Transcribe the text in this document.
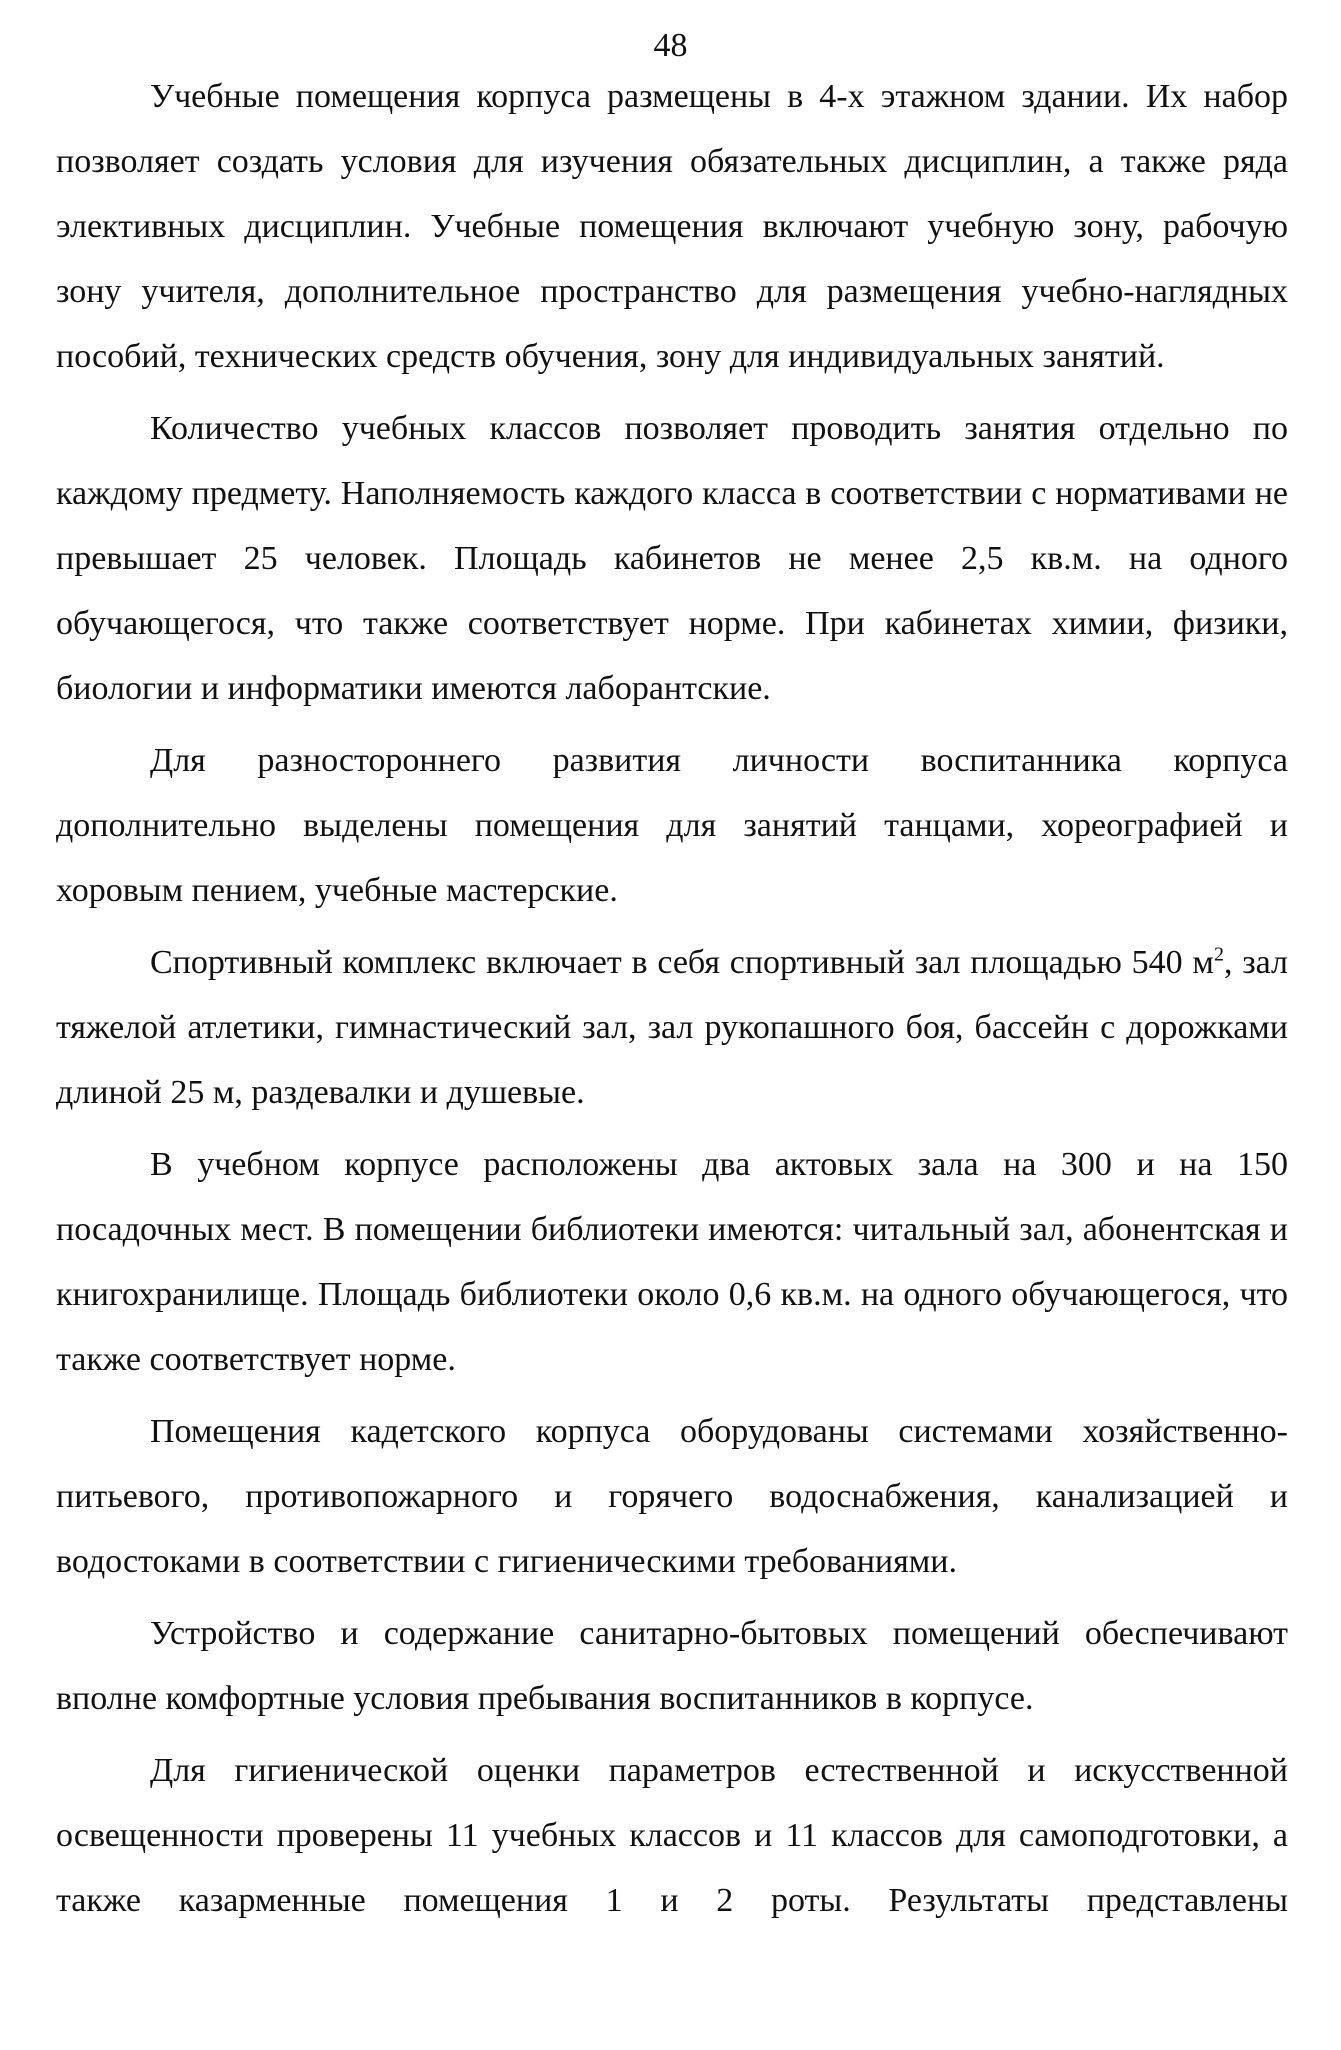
48

Учебные помещения корпуса размещены в 4-х этажном здании. Их набор позволяет создать условия для изучения обязательных дисциплин, а также ряда элективных дисциплин. Учебные помещения включают учебную зону, рабочую зону учителя, дополнительное пространство для размещения учебно-наглядных пособий, технических средств обучения, зону для индивидуальных занятий.

Количество учебных классов позволяет проводить занятия отдельно по каждому предмету. Наполняемость каждого класса в соответствии с нормативами не превышает 25 человек. Площадь кабинетов не менее 2,5 кв.м. на одного обучающегося, что также соответствует норме. При кабинетах химии, физики, биологии и информатики имеются лаборантские.

Для разностороннего развития личности воспитанника корпуса дополнительно выделены помещения для занятий танцами, хореографией и хоровым пением, учебные мастерские.

Спортивный комплекс включает в себя спортивный зал площадью 540 $м^2$, зал тяжелой атлетики, гимнастический зал, зал рукопашного боя, бассейн с дорожками длиной 25 м, раздевалки и душевые.

В учебном корпусе расположены два актовых зала на 300 и на 150 посадочных мест. В помещении библиотеки имеются: читальный зал, абонентская и книгохранилище. Площадь библиотеки около 0,6 кв.м. на одного обучающегося, что также соответствует норме.

Помещения кадетского корпуса оборудованы системами хозяйственно-питьевого, противопожарного и горячего водоснабжения, канализацией и водостоками в соответствии с гигиеническими требованиями.

Устройство и содержание санитарно-бытовых помещений обеспечивают вполне комфортные условия пребывания воспитанников в корпусе.

Для гигиенической оценки параметров естественной и искусственной освещенности проверены 11 учебных классов и 11 классов для самоподготовки, а также казарменные помещения 1 и 2 роты. Результаты представлены
